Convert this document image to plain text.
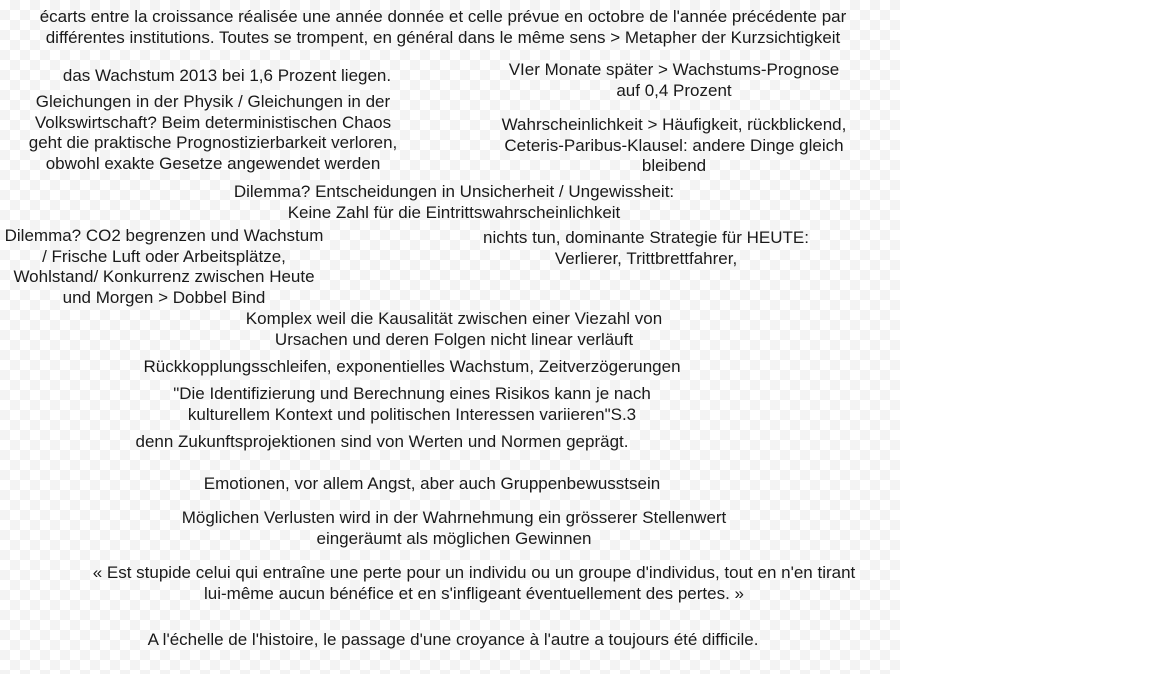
écarts entre la croissance réalisée une année donnée et celle prévue en octobre de l'année précédente par
différentes institutions. Toutes se trompent, en général dans le même sens > Metapher der Kurzsichtigkeit
das Wachstum 2013 bei 1,6 Prozent liegen.	VIer Monate später > Wachstums-Prognose
auf 0,4 Prozent
Gleichungen in der Physik / Gleichungen in der
Volkswirtschaft? Beim deterministischen Chaos
geht die praktische Prognostizierbarkeit verloren,
obwohl exakte Gesetze angewendet werden
Wahrscheinlichkeit > Häufigkeit, rückblickend,
Ceteris-Paribus-Klausel: andere Dinge gleich
bleibend
Dilemma? Entscheidungen in Unsicherheit / Ungewissheit:
Keine Zahl für die Eintrittswahrscheinlichkeit
Dilemma? CO2 begrenzen und Wachstum
/ Frische Luft oder Arbeitsplätze,
Wohlstand/ Konkurrenz zwischen Heute
und Morgen > Dobbel Bind
nichts tun, dominante Strategie für HEUTE:
Verlierer, Trittbrettfahrer,
Komplex weil die Kausalität zwischen einer Viezahl von
Ursachen und deren Folgen nicht linear verläuft
Rückkopplungsschleifen, exponentielles Wachstum, Zeitverzögerungen
"Die Identifizierung und Berechnung eines Risikos kann je nach
kulturellem Kontext und politischen Interessen variieren"S.3
denn Zukunftsprojektionen sind von Werten und Normen geprägt.
Emotionen, vor allem Angst, aber auch Gruppenbewusstsein
Möglichen Verlusten wird in der Wahrnehmung ein grösserer Stellenwert
eingeräumt als möglichen Gewinnen
« Est stupide celui qui entraîne une perte pour un individu ou un groupe d'individus, tout en n'en tirant
lui-même aucun bénéfice et en s'infligeant éventuellement des pertes. »
A l'échelle de l'histoire, le passage d'une croyance à l'autre a toujours été difficile.
